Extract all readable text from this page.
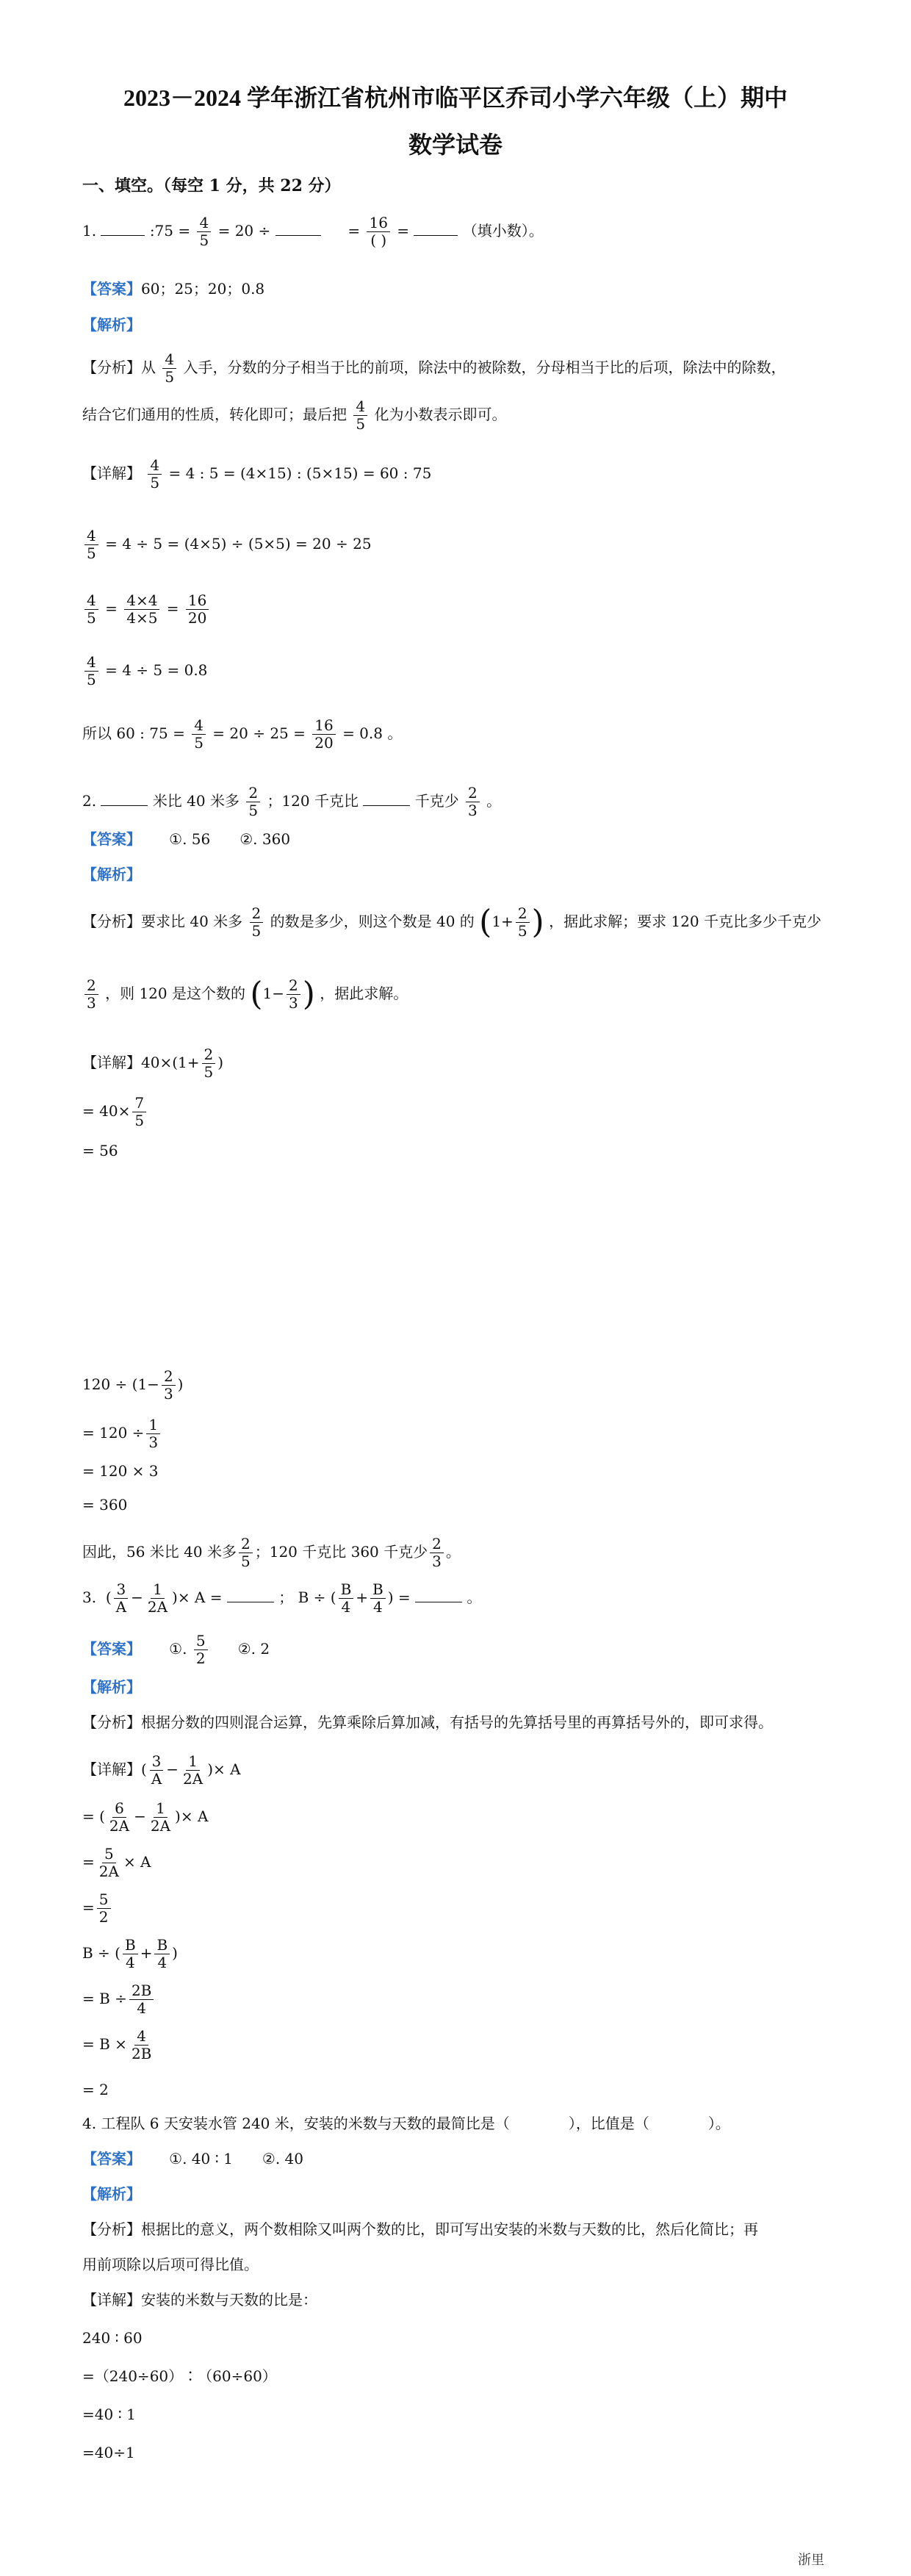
2023－2024 学年浙江省杭州市临平区乔司小学六年级（上）期中
数学试卷
一、填空。（每空 1 分，共 22 分）
1.	:75 = $\frac{4}{5} = 20$ ÷	= $\frac{16}{( )}$ =	（填小数）。
【答案】60；25；20；0.8
【解析】
【分析】从 $\frac{4}{5}$ 入手，分数的分子相当于比的前项，除法中的被除数，分母相当于比的后项，除法中的除数，
结合它们通用的性质，转化即可；最后把 $\frac{4}{5}$ 化为小数表示即可。
【详解】 $\frac{4}{5} = 4$ : 5 = (4×15) : (5×15) = 60 : 75
$\frac{4}{5} = 4 \div 5 = (4\times 5) \div (5\times 5) = 20 \div 25$
$\frac{4}{5} = \frac{4\times 4}{4\times 5} = \frac{16}{20}$
$\frac{4}{5} = 4 \div 5 = 0.8$
所以 60 : $75 = \frac{4}{5} = 20 \div 25 = \frac{16}{20} = 0.8$ 。
2.	米比 40 米多 $\frac{2}{5}$ ；120 千克比	千克少 $\frac{2}{3}$ 。
【答案】 ①. 56　　②. 360
【解析】
【分析】要求比 40 米多 $\frac{2}{5}$ 的数是多少，则这个数是 40 的 ($1+ \frac{2}{5}$ ) ，据此求解；要求 120 千克比多少千克少
$\frac{2}{3}$ ，则 120 是这个数的 ($1- \frac{2}{3}$ ) ，据此求解。
【详解】$40\times(1+ \frac{2}{5}$ )
= $40\times \frac{7}{5}$
= 56
$120 \div (1- \frac{2}{3}$ )
= $120 \div \frac{1}{3}$
= 120 × 3
= 360
因此，56 米比 40 米多 $\frac{2}{5}$ ；120 千克比 360 千克少 $\frac{2}{3}$ 。
3. ( $\frac{3}{A} - \frac{1}{2A}$ )× A =	； B ÷ ( $\frac{B}{4} + \frac{B}{4}$ ) =	。
【答案】 ①. $\frac{5}{2}$ ②. 2
【解析】
【分析】根据分数的四则混合运算，先算乘除后算加减，有括号的先算括号里的再算括号外的，即可求得。
【详解】( $\frac{3}{A} - \frac{1}{2A}$ )× A
= ( $\frac{6}{2A} - \frac{1}{2A}$ )× A
= $\frac{5}{2A} \times A$
= $\frac{5}{2}$
B ÷ ( $\frac{B}{4} + \frac{B}{4}$ )
= $B \div \frac{2B}{4}$
= $B \times \frac{4}{2B}$
= 2
4. 工程队 6 天安装水管 240 米，安装的米数与天数的最简比是（　　　　），比值是（　　　　）。
【答案】 ①. 40 ∶ 1　　②. 40
【解析】
【分析】根据比的意义，两个数相除又叫两个数的比，即可写出安装的米数与天数的比，然后化简比；再
用前项除以后项可得比值。
【详解】安装的米数与天数的比是：
240 ∶ 60
=（240÷60）∶（60÷60）
=40 ∶ 1
=40÷1
浙里
